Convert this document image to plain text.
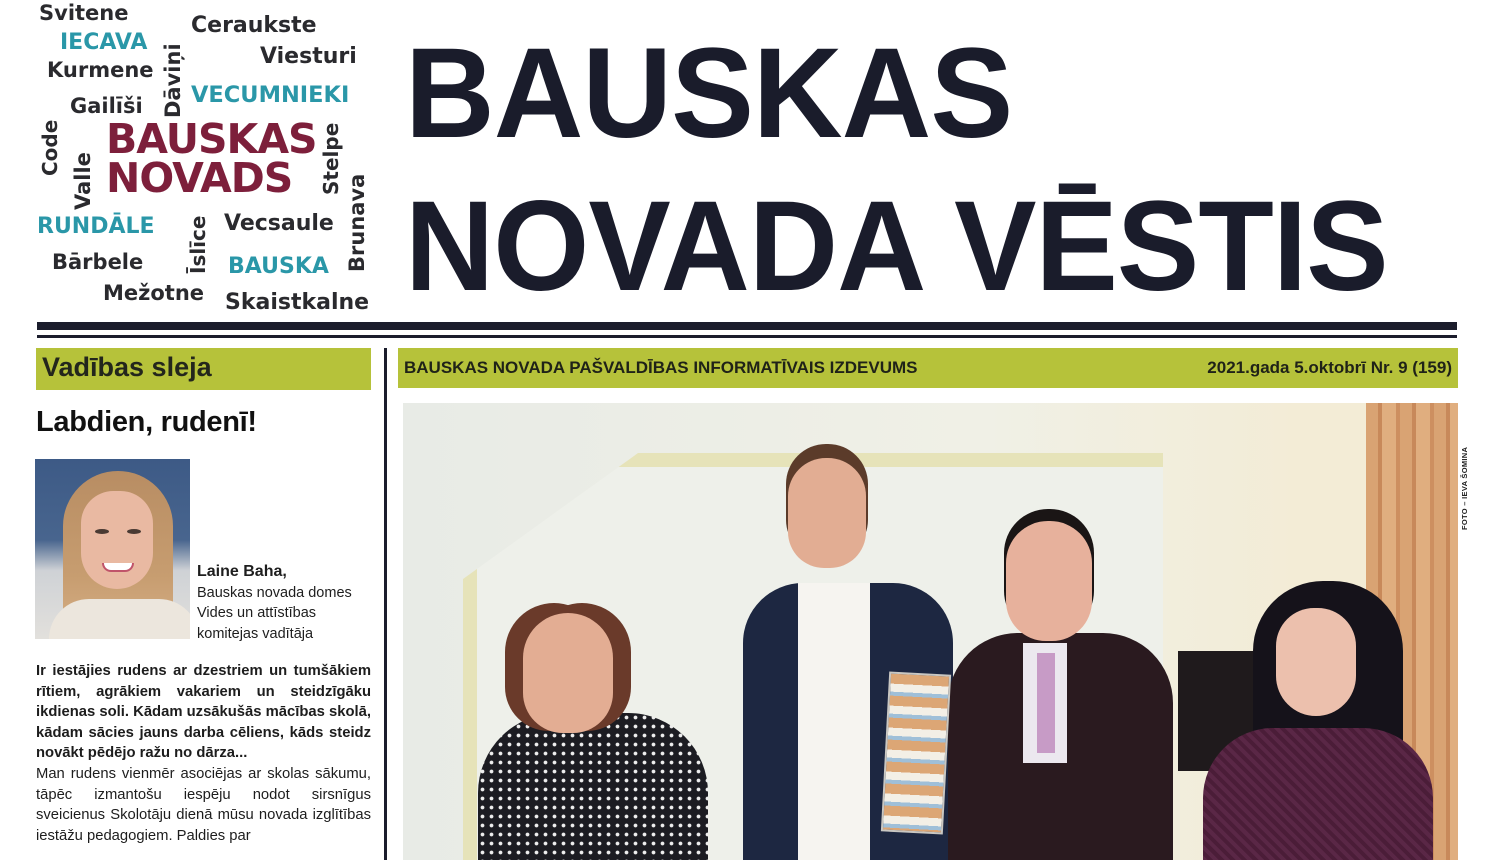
Svitene	Ceraukste
IECAVA
Dāviņi	Viesturi
Kurmene
VECUMNIEKI
Gailīši
Code BAUSKAS
NOVADS Stelpe
Valle	Brunava
RUNDĀLE Īslīce Vecsaule
Bārbele	BAUSKA
Mežotne Skaistkalne
BAUSKAS
NOVADA VĒSTIS
Vadības sleja
Labdien, rudenī!
Laine Baha,
Bauskas novada domes
Vides un attīstības
komitejas vadītāja

Ir iestājies rudens ar dzestriem un tumšākiem rītiem, agrākiem vakariem un steidzīgāku ikdienas soli. Kādam uzsākušās mācības skolā, kādam sācies jauns darba cēliens, kāds steidz novākt pēdējo ražu no dārza...

Man rudens vienmēr asociējas ar skolas sākumu, tāpēc izmantošu iespēju nodot sirsnīgus sveicienus Skolotāju dienā mūsu novada izglītības iestāžu pedagogiem. Paldies par

BAUSKAS NOVADA PAŠVALDĪBAS INFORMATĪVAIS IZDEVUMS	2021.gada 5.oktobrī Nr. 9 (159)
FOTO – IEVA ŠOMINA
